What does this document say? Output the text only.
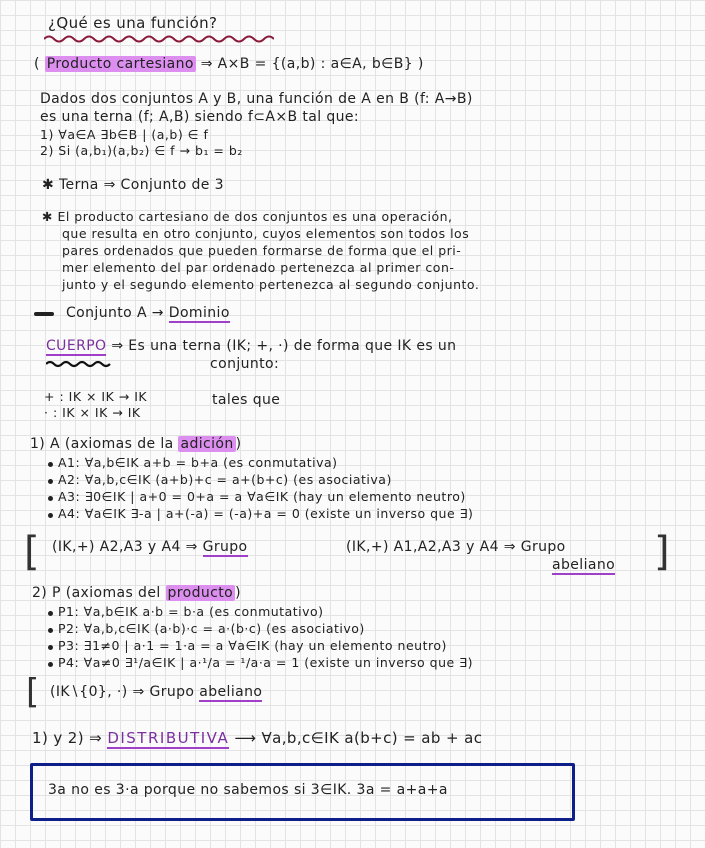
¿Qué es una función?
( Producto cartesiano ⇒ A×B = {(a,b) : a∈A, b∈B} )
Dados dos conjuntos A y B, una función de A en B (f: A→B)
es una terna (f; A,B) siendo f⊂A×B tal que:
1) ∀a∈A ∃b∈B | (a,b) ∈ f
2) Si (a,b₁)(a,b₂) ∈ f → b₁ = b₂
✱ Terna ⇒ Conjunto de 3
✱ El producto cartesiano de dos conjuntos es una operación,
que resulta en otro conjunto, cuyos elementos son todos los
pares ordenados que pueden formarse de forma que el pri-
mer elemento del par ordenado pertenezca al primer con-
junto y el segundo elemento pertenezca al segundo conjunto.
Conjunto A → Dominio
CUERPO ⇒ Es una terna (IK; +, ·) de forma que IK es un
conjunto:
+ : IK × IK → IK
· : IK × IK → IK
tales que
1) A (axiomas de la adición )
A1: ∀a,b∈IK a+b = b+a (es conmutativa)
A2: ∀a,b,c∈IK (a+b)+c = a+(b+c) (es asociativa)
A3: ∃0∈IK | a+0 = 0+a = a ∀a∈IK (hay un elemento neutro)
A4: ∀a∈IK ∃-a | a+(-a) = (-a)+a = 0 (existe un inverso que ∃)
[ (IK,+) A2,A3 y A4 ⇒ Grupo	(IK,+) A1,A2,A3 y A4 ⇒ Grupo
abeliano ]
2) P (axiomas del producto )
P1: ∀a,b∈IK a·b = b·a (es conmutativo)
P2: ∀a,b,c∈IK (a·b)·c = a·(b·c) (es asociativo)
P3: ∃1≠0 | a·1 = 1·a = a ∀a∈IK (hay un elemento neutro)
P4: ∀a≠0 ∃¹/a∈IK | a·¹/a = ¹/a·a = 1 (existe un inverso que ∃)
[ (IK∖{0}, ·) ⇒ Grupo abeliano
1) y 2) ⇒ DISTRIBUTIVA ⟶ ∀a,b,c∈IK a(b+c) = ab + ac
3a no es 3·a porque no sabemos si 3∈IK. 3a = a+a+a
